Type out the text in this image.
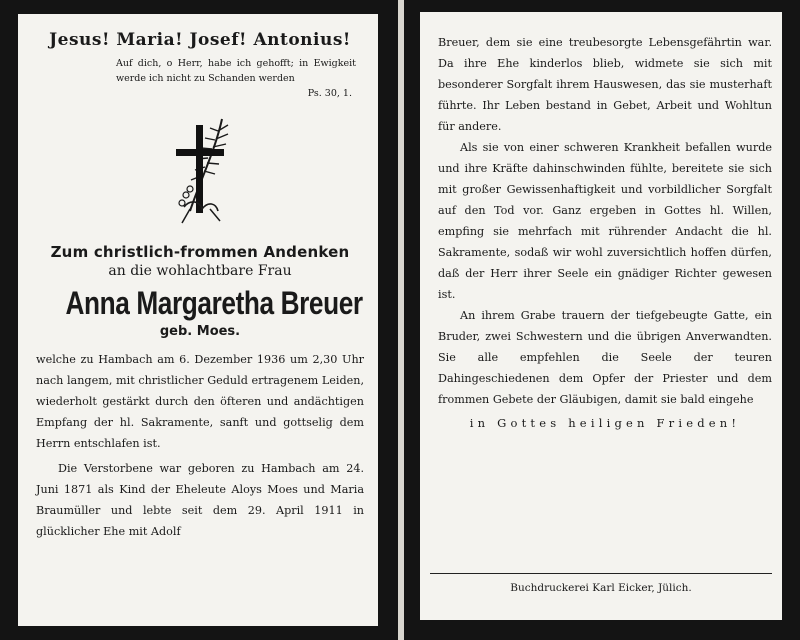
Jesus! Maria! Josef! Antonius!
Auf dich, o Herr, habe ich gehofft; in Ewigkeit werde ich nicht zu Schanden werden
Ps. 30, 1.
Zum christlich-frommen Andenken
an die wohlachtbare Frau
Anna Margaretha Breuer
geb. Moes.

welche zu Hambach am 6. Dezember 1936 um 2,30 Uhr nach langem, mit christlicher Geduld ertragenem Leiden, wiederholt gestärkt durch den öfteren und andächtigen Empfang der hl. Sakramente, sanft und gottselig dem Herrn entschlafen ist.

Die Verstorbene war geboren zu Hambach am 24. Juni 1871 als Kind der Eheleute Aloys Moes und Maria Braumüller und lebte seit dem 29. April 1911 in glücklicher Ehe mit Adolf

Breuer, dem sie eine treubesorgte Lebensgefährtin war. Da ihre Ehe kinderlos blieb, widmete sie sich mit besonderer Sorgfalt ihrem Hauswesen, das sie musterhaft führte. Ihr Leben bestand in Gebet, Arbeit und Wohltun für andere.

Als sie von einer schweren Krankheit befallen wurde und ihre Kräfte dahinschwinden fühlte, bereitete sie sich mit großer Gewissenhaftigkeit und vorbildlicher Sorgfalt auf den Tod vor. Ganz ergeben in Gottes hl. Willen, empfing sie mehrfach mit rührender Andacht die hl. Sakramente, sodaß wir wohl zuversichtlich hoffen dürfen, daß der Herr ihrer Seele ein gnädiger Richter gewesen ist.

An ihrem Grabe trauern der tiefgebeugte Gatte, ein Bruder, zwei Schwestern und die übrigen Anverwandten. Sie alle empfehlen die Seele der teuren Dahingeschiedenen dem Opfer der Priester und dem frommen Gebete der Gläubigen, damit sie bald eingehe

in Gottes heiligen Frieden!
Buchdruckerei Karl Eicker, Jülich.
